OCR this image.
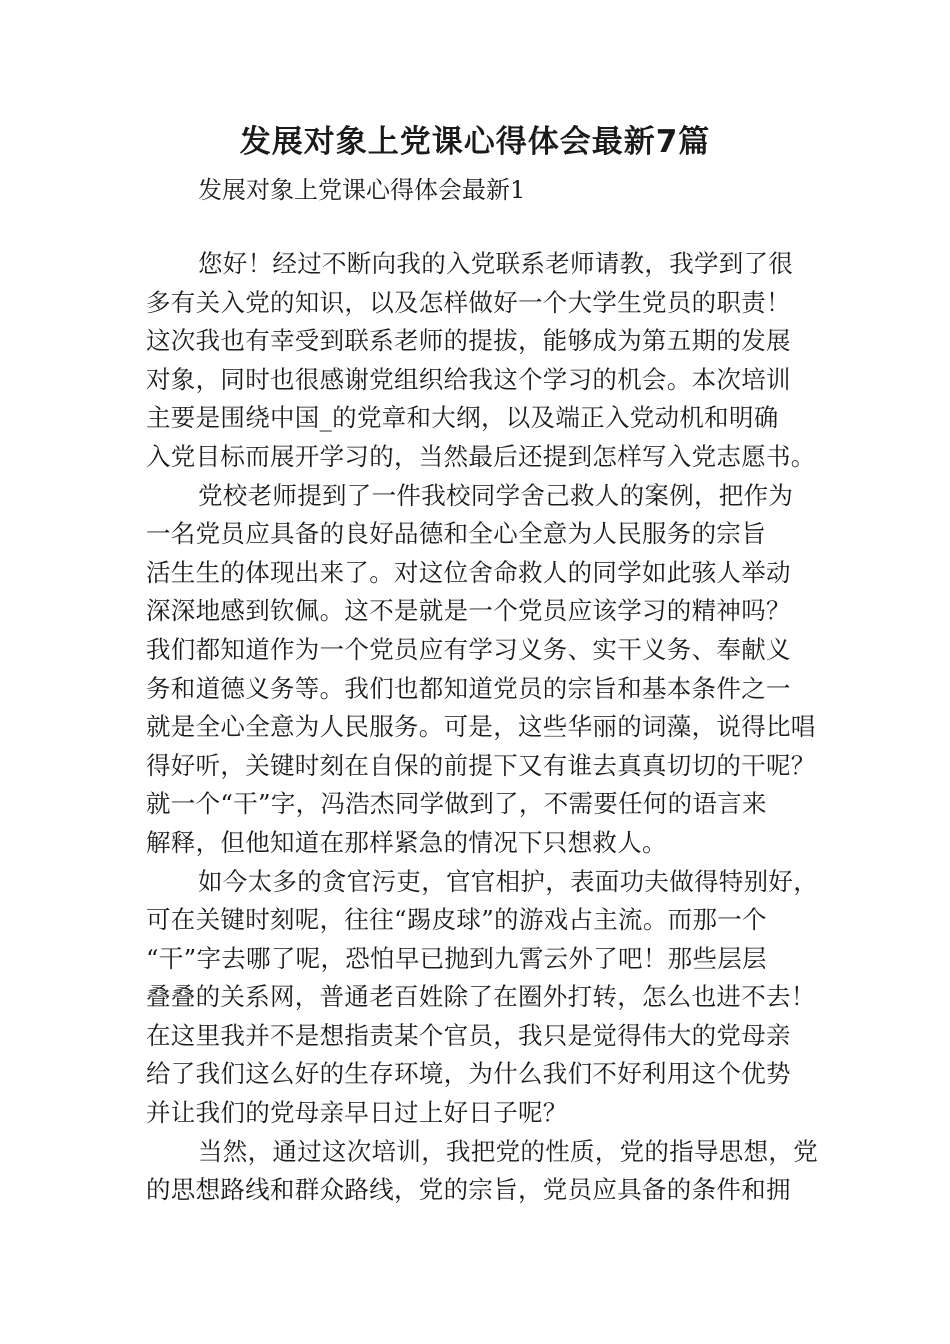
发展对象上党课心得体会最新7篇

发展对象上党课心得体会最新1

您好！经过不断向我的入党联系老师请教，我学到了很
多有关入党的知识，以及怎样做好一个大学生党员的职责！
这次我也有幸受到联系老师的提拔，能够成为第五期的发展
对象，同时也很感谢党组织给我这个学习的机会。本次培训
主要是围绕中国_的党章和大纲，以及端正入党动机和明确
入党目标而展开学习的，当然最后还提到怎样写入党志愿书。

党校老师提到了一件我校同学舍己救人的案例，把作为
一名党员应具备的良好品德和全心全意为人民服务的宗旨
活生生的体现出来了。对这位舍命救人的同学如此骇人举动
深深地感到钦佩。这不是就是一个党员应该学习的精神吗？
我们都知道作为一个党员应有学习义务、实干义务、奉献义
务和道德义务等。我们也都知道党员的宗旨和基本条件之一
就是全心全意为人民服务。可是，这些华丽的词藻，说得比唱
得好听，关键时刻在自保的前提下又有谁去真真切切的干呢？
就一个“干”字，冯浩杰同学做到了，不需要任何的语言来
解释，但他知道在那样紧急的情况下只想救人。

如今太多的贪官污吏，官官相护，表面功夫做得特别好，
可在关键时刻呢，往往“踢皮球”的游戏占主流。而那一个
“干”字去哪了呢，恐怕早已抛到九霄云外了吧！那些层层
叠叠的关系网，普通老百姓除了在圈外打转，怎么也进不去！
在这里我并不是想指责某个官员，我只是觉得伟大的党母亲
给了我们这么好的生存环境，为什么我们不好利用这个优势
并让我们的党母亲早日过上好日子呢？

当然，通过这次培训，我把党的性质，党的指导思想，党
的思想路线和群众路线，党的宗旨，党员应具备的条件和拥
